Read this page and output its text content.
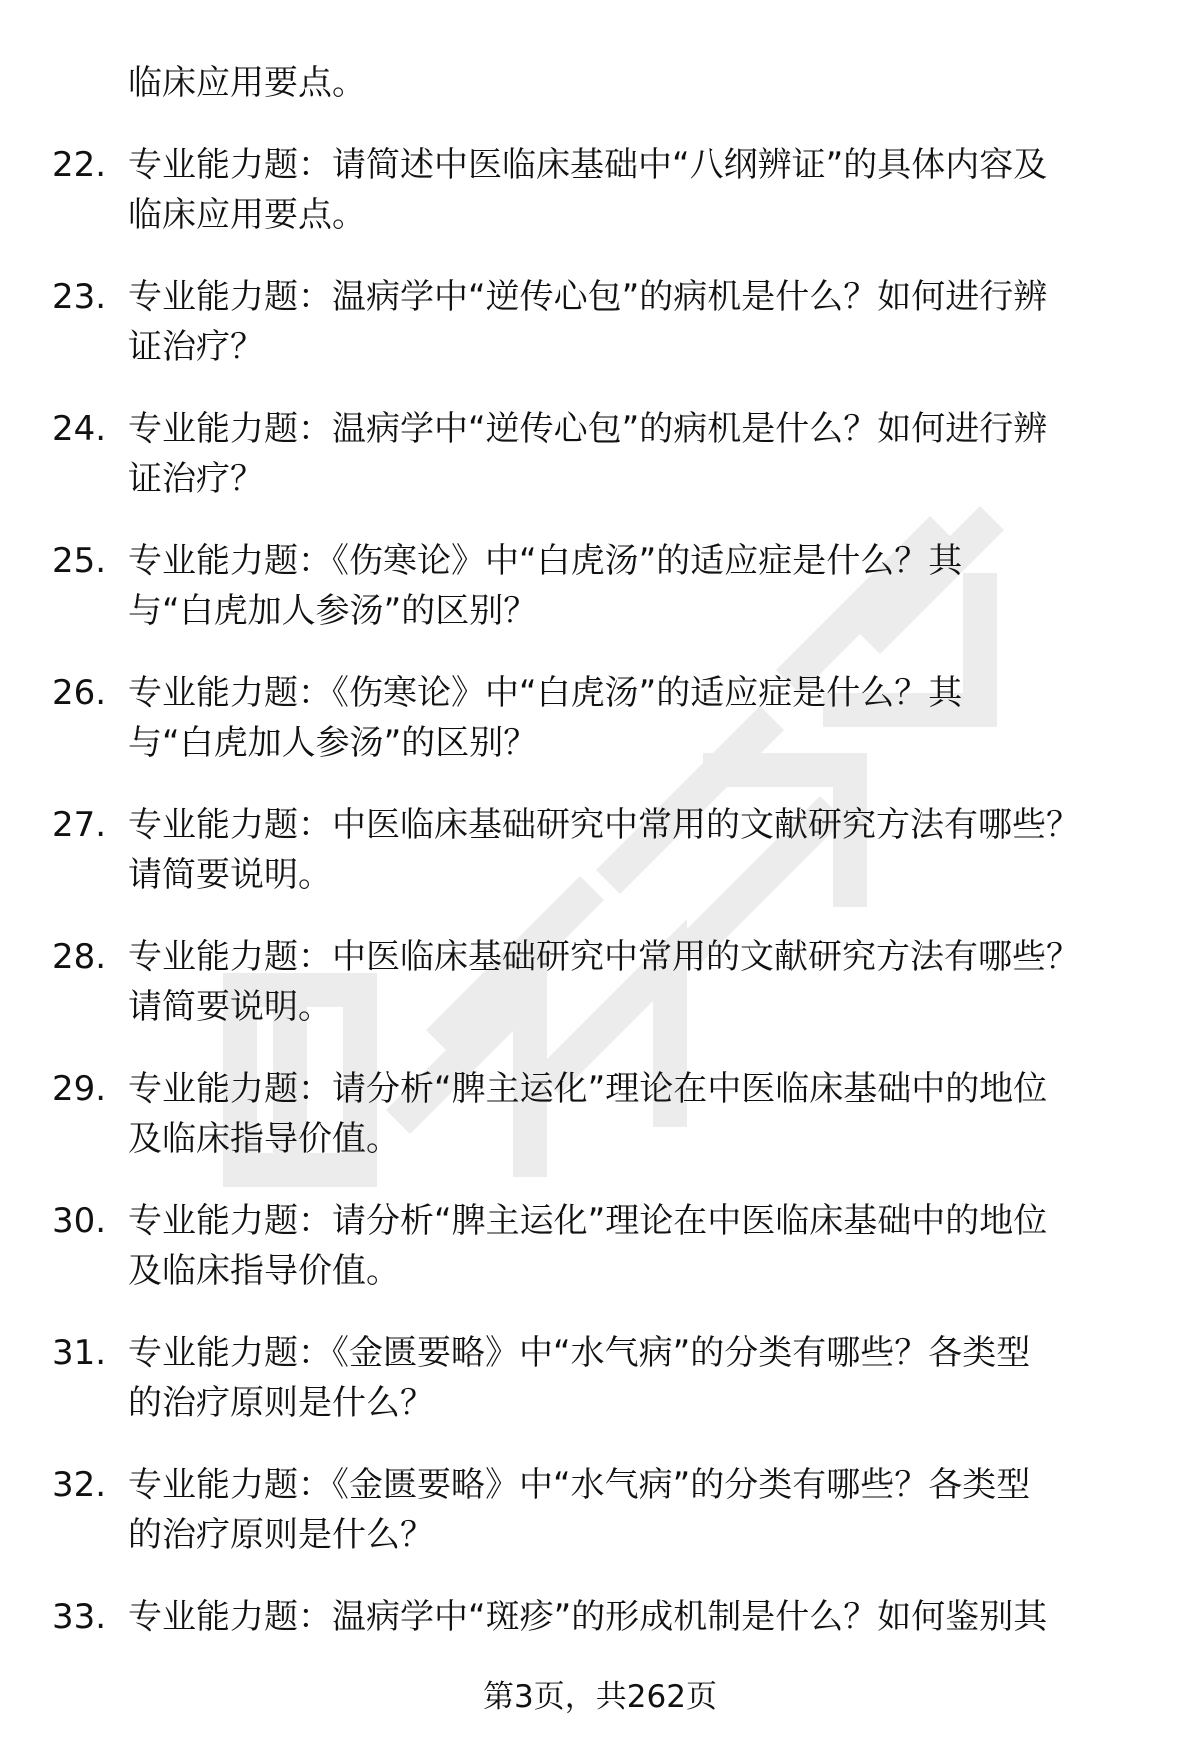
临床应用要点。
22. 专业能力题：请简述中医临床基础中“八纲辨证”的具体内容及
临床应用要点。
23. 专业能力题：温病学中“逆传心包”的病机是什么？如何进行辨
证治疗？
24. 专业能力题：温病学中“逆传心包”的病机是什么？如何进行辨
证治疗？
25. 专业能力题：《伤寒论》中“白虎汤”的适应症是什么？其
与“白虎加人参汤”的区别？
26. 专业能力题：《伤寒论》中“白虎汤”的适应症是什么？其
与“白虎加人参汤”的区别？
27. 专业能力题：中医临床基础研究中常用的文献研究方法有哪些？
请简要说明。
28. 专业能力题：中医临床基础研究中常用的文献研究方法有哪些？
请简要说明。
29. 专业能力题：请分析“脾主运化”理论在中医临床基础中的地位
及临床指导价值。
30. 专业能力题：请分析“脾主运化”理论在中医临床基础中的地位
及临床指导价值。
31. 专业能力题：《金匮要略》中“水气病”的分类有哪些？各类型
的治疗原则是什么？
32. 专业能力题：《金匮要略》中“水气病”的分类有哪些？各类型
的治疗原则是什么？
33. 专业能力题：温病学中“斑疹”的形成机制是什么？如何鉴别其
第3页，共262页
